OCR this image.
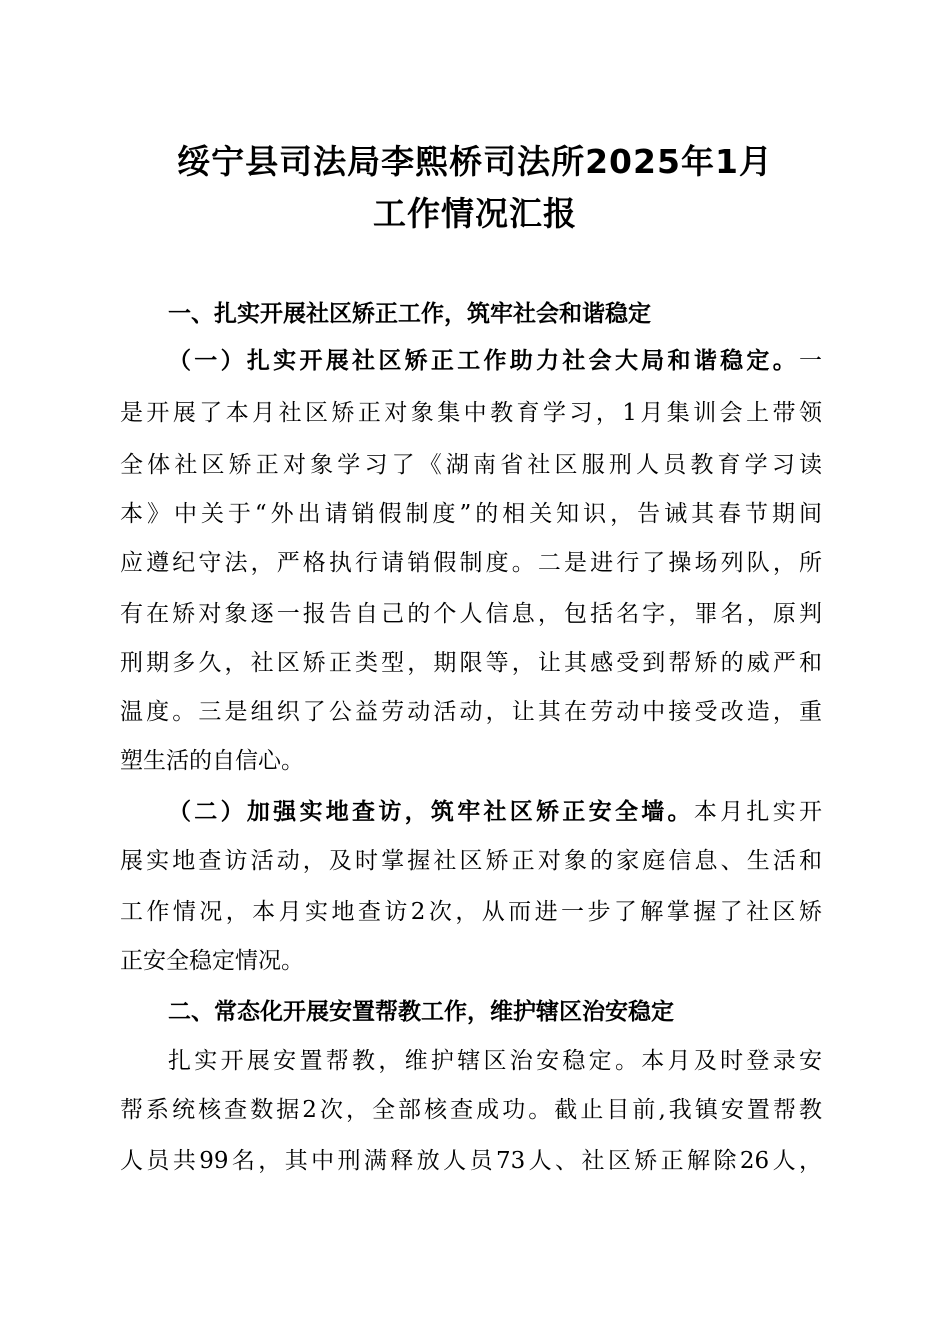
绥宁县司法局李熙桥司法所2025年1月
工作情况汇报
一、扎实开展社区矫正工作，筑牢社会和谐稳定
（一）扎实开展社区矫正工作助力社会大局和谐稳定。一
是开展了本月社区矫正对象集中教育学习，1月集训会上带领
全体社区矫正对象学习了《湖南省社区服刑人员教育学习读
本》中关于“外出请销假制度”的相关知识，告诫其春节期间
应遵纪守法，严格执行请销假制度。二是进行了操场列队，所
有在矫对象逐一报告自己的个人信息，包括名字，罪名，原判
刑期多久，社区矫正类型，期限等，让其感受到帮矫的威严和
温度。三是组织了公益劳动活动，让其在劳动中接受改造，重
塑生活的自信心。
（二）加强实地查访，筑牢社区矫正安全墙。本月扎实开
展实地查访活动，及时掌握社区矫正对象的家庭信息、生活和
工作情况，本月实地查访2次，从而进一步了解掌握了社区矫
正安全稳定情况。
二、常态化开展安置帮教工作，维护辖区治安稳定
扎实开展安置帮教，维护辖区治安稳定。本月及时登录安
帮系统核查数据2次，全部核查成功。截止目前,我镇安置帮教
人员共99名，其中刑满释放人员73人、社区矫正解除26人，
